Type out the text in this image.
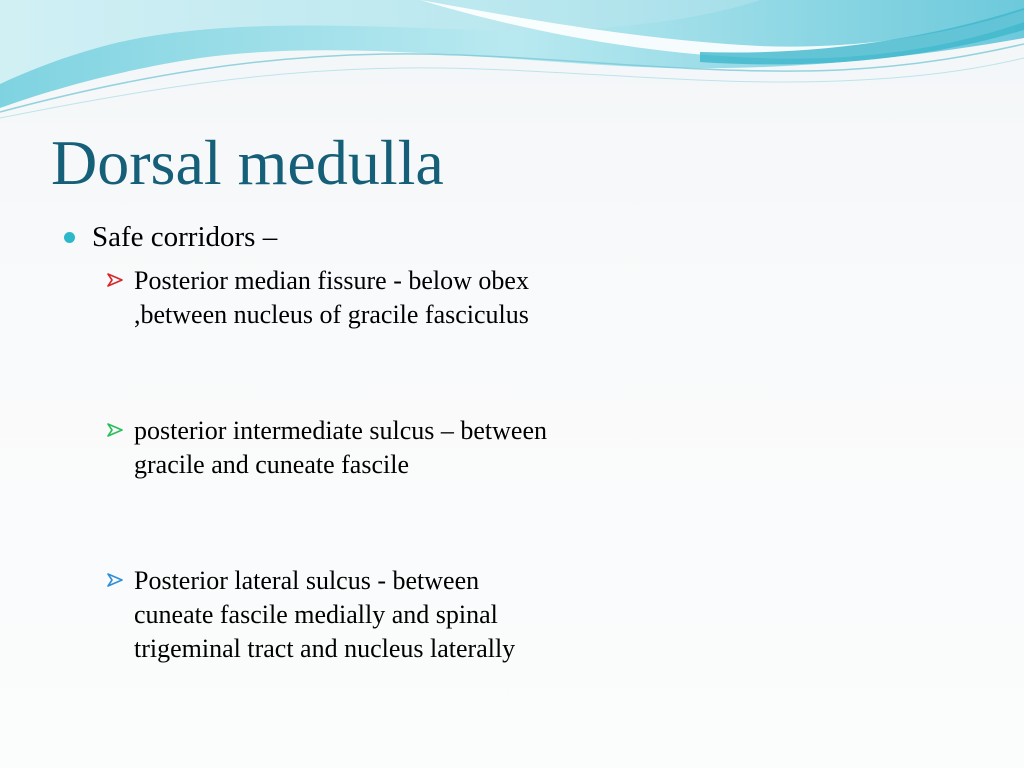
Dorsal medulla
Safe corridors –
Posterior median fissure - below obex ,between nucleus of gracile fasciculus
posterior intermediate sulcus – between gracile and cuneate fascile
Posterior lateral sulcus - between cuneate fascile medially and spinal trigeminal tract and nucleus laterally
